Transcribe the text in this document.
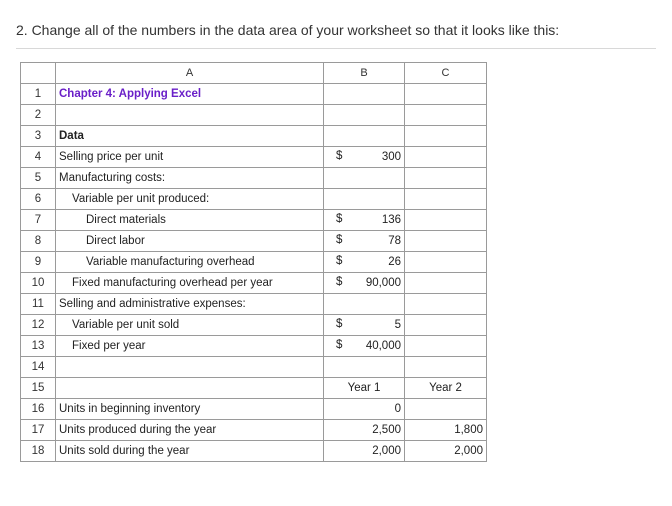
2. Change all of the numbers in the data area of your worksheet so that it looks like this:
	A	B	C
1	Chapter 4: Applying Excel	

2		

3	Data	

4	Selling price per unit	$ 300	
5	Manufacturing costs:	

6	Variable per unit produced:	

7	Direct materials	$ 136	
8	Direct labor	$ 78	
9	Variable manufacturing overhead	$ 26	
10	Fixed manufacturing overhead per year	$ 90,000	
11	Selling and administrative expenses:	

12	Variable per unit sold	$ 5	
13	Fixed per year	$ 40,000	
14		

15		Year 1	Year 2
16	Units in beginning inventory	0	
17	Units produced during the year	2,500	1,800
18	Units sold during the year	2,000	2,000
